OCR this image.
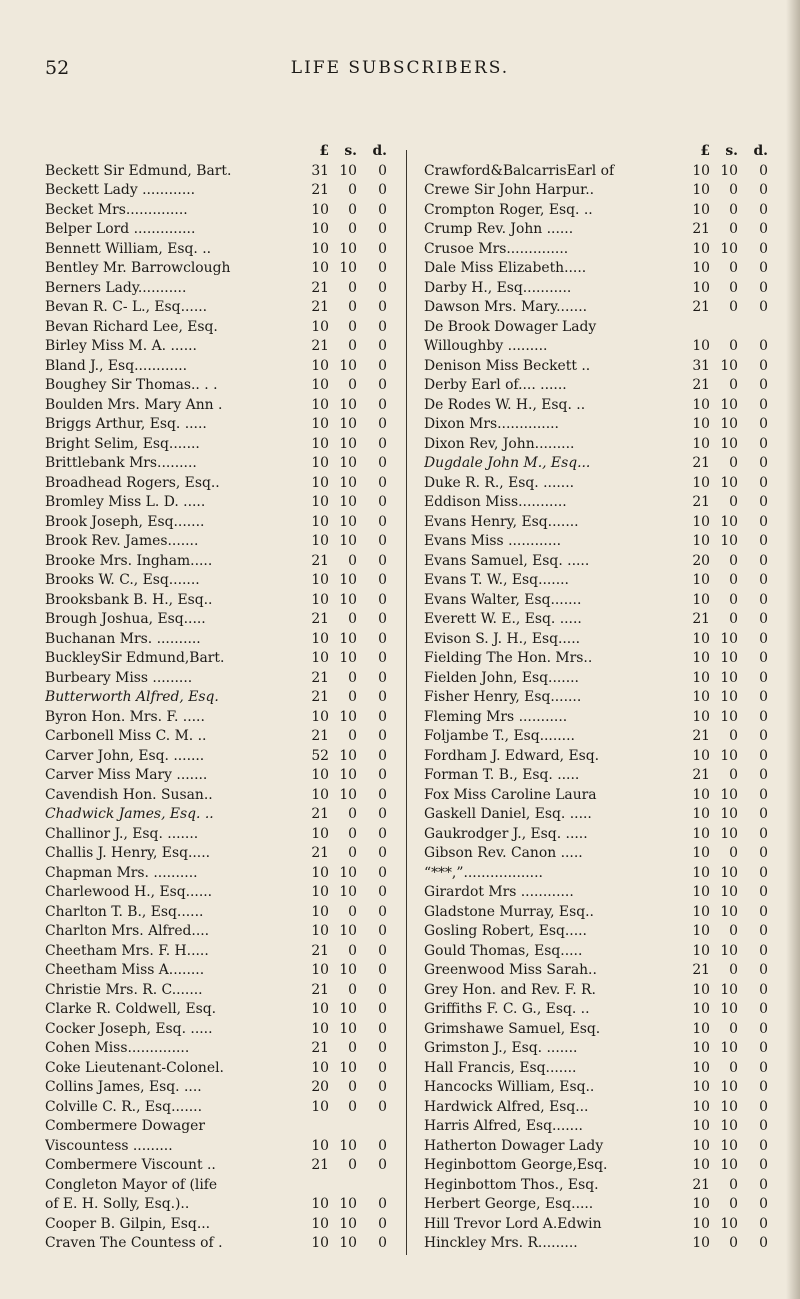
52	LIFE SUBSCRIBERS.
£	s.	d.
Beckett Sir Edmund, Bart.	31 10	0
Beckett Lady ............	21	0	0
Becket Mrs..............	10	0	0
Belper Lord ..............	10	0	0
Bennett William, Esq. ..	10 10	0
Bentley Mr. Barrowclough	10 10	0
Berners Lady...........	21	0	0
Bevan R. C- L., Esq......	21	0	0
Bevan Richard Lee, Esq.	10	0	0
Birley Miss M. A. ......	21	0	0
Bland J., Esq............	10 10	0
Boughey Sir Thomas.. . .	10	0	0
Boulden Mrs. Mary Ann .	10 10	0
Briggs Arthur, Esq. .....	10 10	0
Bright Selim, Esq.......	10 10	0
Brittlebank Mrs.........	10 10	0
Broadhead Rogers, Esq..	10 10	0
Bromley Miss L. D. .....	10 10	0
Brook Joseph, Esq.......	10 10	0
Brook Rev. James.......	10 10	0
Brooke Mrs. Ingham.....	21	0	0
Brooks W. C., Esq.......	10 10	0
Brooksbank B. H., Esq..	10 10	0
Brough Joshua, Esq.....	21	0	0
Buchanan Mrs. ..........	10 10	0
BuckleySir Edmund,Bart.	10 10	0
Burbeary Miss .........	21	0	0
Butterworth Alfred, Esq.	21	0	0
Byron Hon. Mrs. F. .....	10 10	0
Carbonell Miss C. M. ..	21	0	0
Carver John, Esq. .......	52 10	0
Carver Miss Mary .......	10 10	0
Cavendish Hon. Susan..	10 10	0
Chadwick James, Esq. ..	21	0	0
Challinor J., Esq. .......	10	0	0
Challis J. Henry, Esq.....	21	0	0
Chapman Mrs. ..........	10 10	0
Charlewood H., Esq......	10 10	0
Charlton T. B., Esq......	10	0	0
Charlton Mrs. Alfred....	10 10	0
Cheetham Mrs. F. H.....	21	0	0
Cheetham Miss A........	10 10	0
Christie Mrs. R. C.......	21	0	0
Clarke R. Coldwell, Esq.	10 10	0
Cocker Joseph, Esq. .....	10 10	0
Cohen Miss..............	21	0	0
Coke Lieutenant-Colonel.	10 10	0
Collins James, Esq. ....	20	0	0
Colville C. R., Esq.......	10	0	0
Combermere Dowager
Viscountess .........	10 10	0
Combermere Viscount ..	21	0	0
Congleton Mayor of (life
of E. H. Solly, Esq.)..	10 10	0
Cooper B. Gilpin, Esq...	10 10	0
Craven The Countess of .	10 10	0
£	s.	d.
Crawford&BalcarrisEarl of	10 10	0
Crewe Sir John Harpur..	10	0	0
Crompton Roger, Esq. ..	10	0	0
Crump Rev. John ......	21	0	0
Crusoe Mrs..............	10 10	0
Dale Miss Elizabeth.....	10	0	0
Darby H., Esq...........	10	0	0
Dawson Mrs. Mary.......	21	0	0
De Brook Dowager Lady
Willoughby .........	10	0	0
Denison Miss Beckett ..	31 10	0
Derby Earl of.... ......	21	0	0
De Rodes W. H., Esq. ..	10 10	0
Dixon Mrs..............	10 10	0
Dixon Rev, John.........	10 10	0
Dugdale John M., Esq...	21	0	0
Duke R. R., Esq. .......	10 10	0
Eddison Miss...........	21	0	0
Evans Henry, Esq.......	10 10	0
Evans Miss ............	10 10	0
Evans Samuel, Esq. .....	20	0	0
Evans T. W., Esq.......	10	0	0
Evans Walter, Esq.......	10	0	0
Everett W. E., Esq. .....	21	0	0
Evison S. J. H., Esq.....	10 10	0
Fielding The Hon. Mrs..	10 10	0
Fielden John, Esq.......	10 10	0
Fisher Henry, Esq.......	10 10	0
Fleming Mrs ...........	10 10	0
Foljambe T., Esq........	21	0	0
Fordham J. Edward, Esq.	10 10	0
Forman T. B., Esq. .....	21	0	0
Fox Miss Caroline Laura	10 10	0
Gaskell Daniel, Esq. .....	10 10	0
Gaukrodger J., Esq. .....	10 10	0
Gibson Rev. Canon .....	10	0	0
“***,”..................	10 10	0
Girardot Mrs ............	10 10	0
Gladstone Murray, Esq..	10 10	0
Gosling Robert, Esq.....	10	0	0
Gould Thomas, Esq.....	10 10	0
Greenwood Miss Sarah..	21	0	0
Grey Hon. and Rev. F. R.	10 10	0
Griffiths F. C. G., Esq. ..	10 10	0
Grimshawe Samuel, Esq.	10	0	0
Grimston J., Esq. .......	10 10	0
Hall Francis, Esq.......	10	0	0
Hancocks William, Esq..	10 10	0
Hardwick Alfred, Esq...	10 10	0
Harris Alfred, Esq.......	10 10	0
Hatherton Dowager Lady	10 10	0
Heginbottom George,Esq.	10 10	0
Heginbottom Thos., Esq.	21	0	0
Herbert George, Esq.....	10	0	0
Hill Trevor Lord A.Edwin	10 10	0
Hinckley Mrs. R.........	10	0	0
